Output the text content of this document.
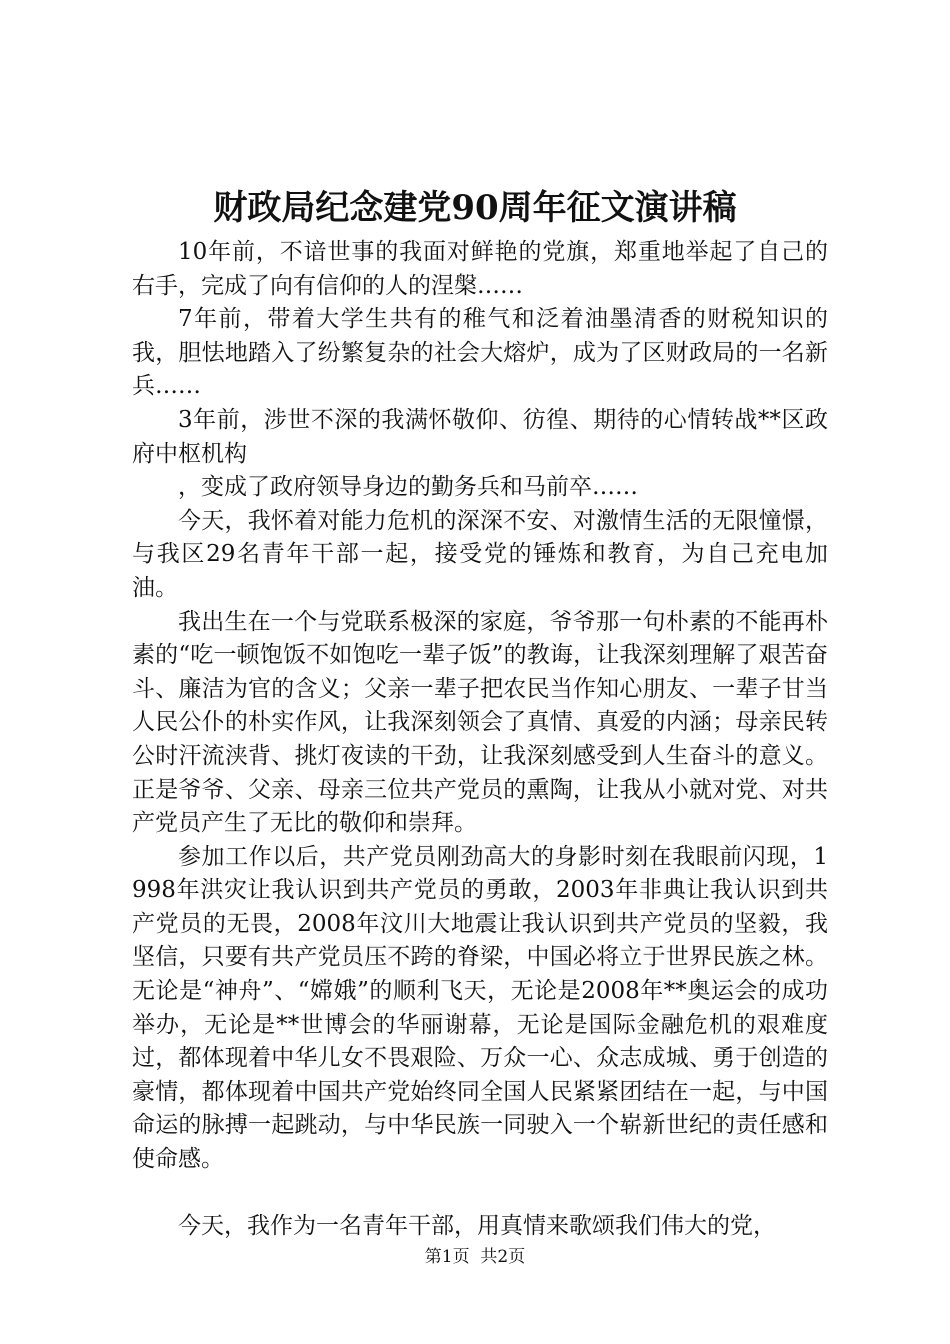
财政局纪念建党90周年征文演讲稿

10年前，不谙世事的我面对鲜艳的党旗，郑重地举起了自己的右手，完成了向有信仰的人的涅槃……

7年前，带着大学生共有的稚气和泛着油墨清香的财税知识的我，胆怯地踏入了纷繁复杂的社会大熔炉，成为了区财政局的一名新兵……

3年前，涉世不深的我满怀敬仰、彷徨、期待的心情转战**区政府中枢机构

，变成了政府领导身边的勤务兵和马前卒……

今天，我怀着对能力危机的深深不安、对激情生活的无限憧憬，与我区29名青年干部一起，接受党的锤炼和教育，为自己充电加油。

我出生在一个与党联系极深的家庭，爷爷那一句朴素的不能再朴素的“吃一顿饱饭不如饱吃一辈子饭”的教诲，让我深刻理解了艰苦奋斗、廉洁为官的含义；父亲一辈子把农民当作知心朋友、一辈子甘当人民公仆的朴实作风，让我深刻领会了真情、真爱的内涵；母亲民转公时汗流浃背、挑灯夜读的干劲，让我深刻感受到人生奋斗的意义。正是爷爷、父亲、母亲三位共产党员的熏陶，让我从小就对党、对共产党员产生了无比的敬仰和崇拜。

参加工作以后，共产党员刚劲高大的身影时刻在我眼前闪现，1998年洪灾让我认识到共产党员的勇敢，2003年非典让我认识到共产党员的无畏，2008年汶川大地震让我认识到共产党员的坚毅，我坚信，只要有共产党员压不跨的脊梁，中国必将立于世界民族之林。无论是“神舟”、“嫦娥”的顺利飞天，无论是2008年**奥运会的成功举办，无论是**世博会的华丽谢幕，无论是国际金融危机的艰难度过，都体现着中华儿女不畏艰险、万众一心、众志成城、勇于创造的豪情，都体现着中国共产党始终同全国人民紧紧团结在一起，与中国命运的脉搏一起跳动，与中华民族一同驶入一个崭新世纪的责任感和使命感。

今天，我作为一名青年干部，用真情来歌颂我们伟大的党，

第1页  共2页
